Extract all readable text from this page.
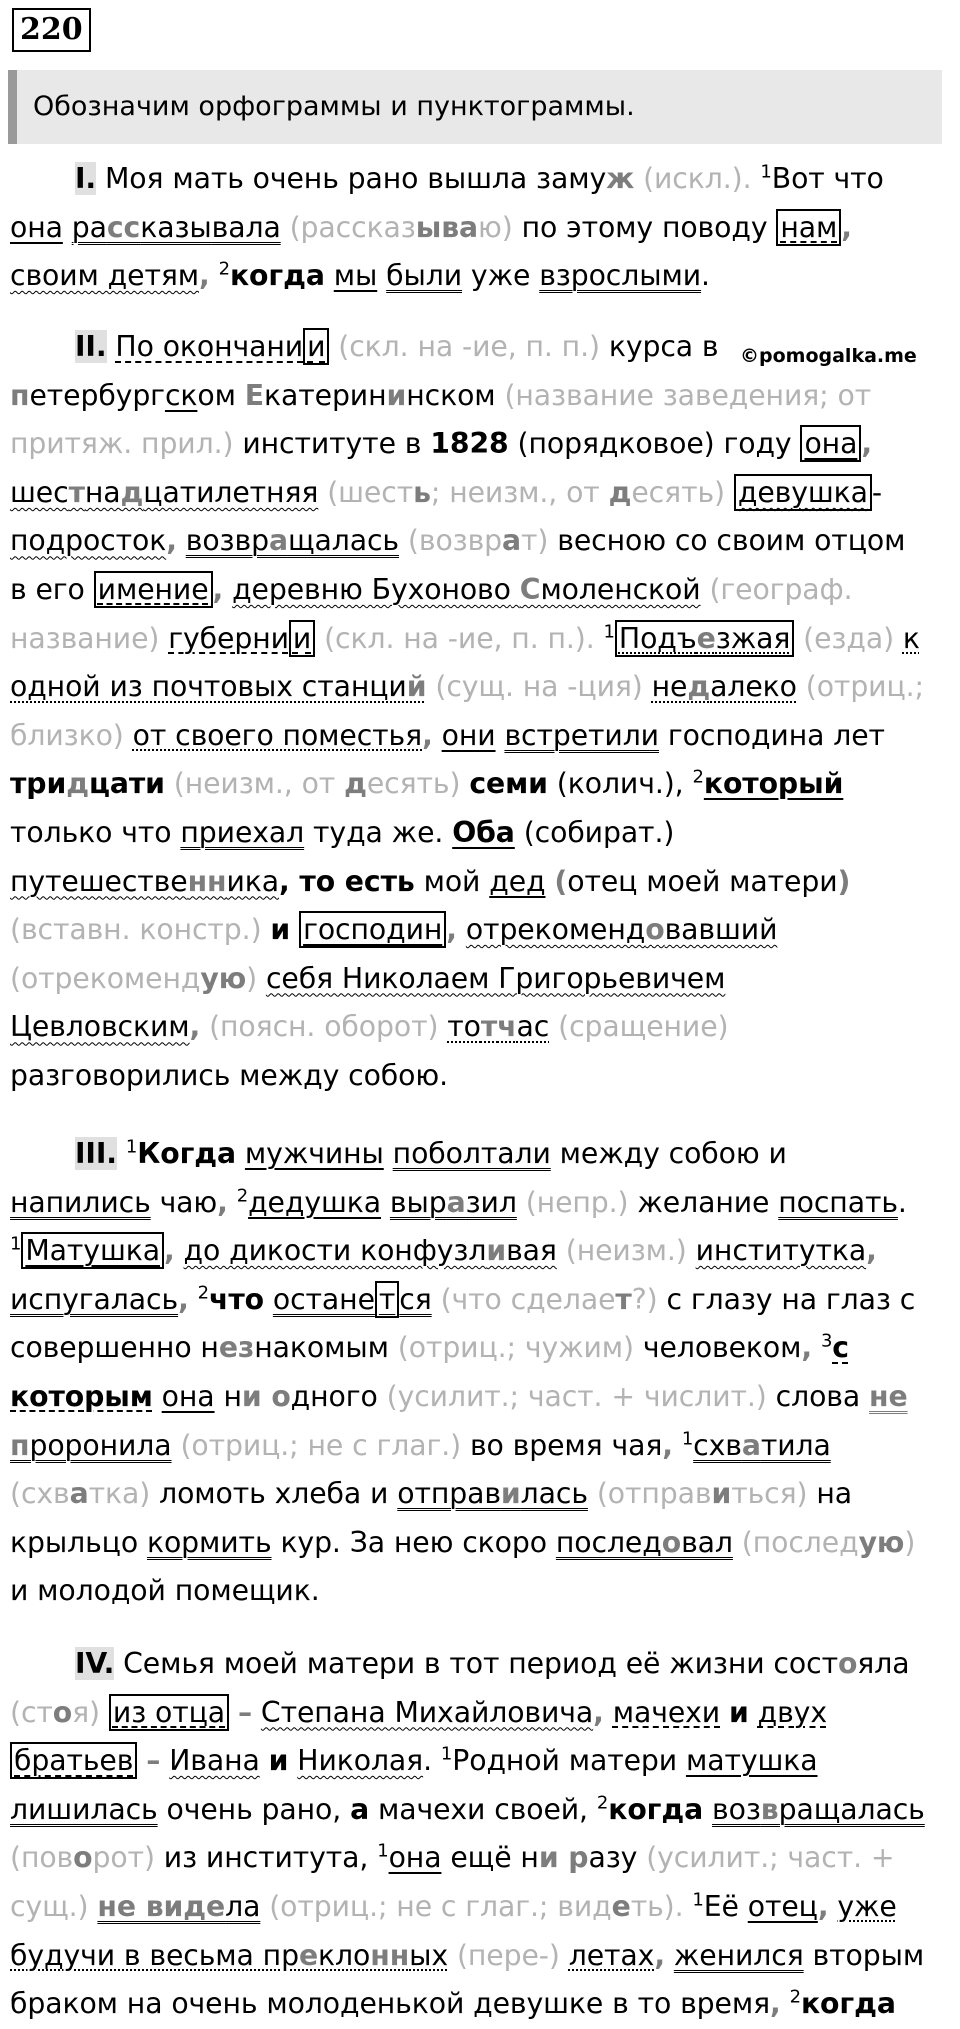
220
Обозначим орфограммы и пунктограммы.
©pomogalka.me

I. Моя мать очень рано вышла замуж (искл.). $^1$Вот что

она рассказывала (рассказываю) по этому поводу нам ,

своим детям, $^2$когда мы были уже взрослыми.

II. По окончани и (скл. на -ие, п. п.) курса в

петербургском Екатерининском (название заведения; от

притяж. прил.) институте в 1828 (порядковое) году она ,

шестнадцатилетняя (шесть; неизм., от десять) девушка -

подросток, возвращалась (возврат) весною со своим отцом

в его имение , деревню Бухоново Смоленской (географ.

название) губерни и (скл. на -ие, п. п.). $^1$ Подъезжая (езда) к

одной из почтовых станций (сущ. на -ция) недалеко (отриц.;

близко) от своего поместья, они встретили господина лет

тридцати (неизм., от десять) семи (колич.), $^2$который

только что приехал туда же. Оба (собират.)

путешественника, то есть мой дед (отец моей матери)

(вставн. констр.) и господин , отрекомендовавший

(отрекомендую) себя Николаем Григорьевичем

Цевловским, (поясн. оборот) тотчас (сращение)

разговорились между собою.

III. $^1$Когда мужчины поболтали между собою и

напились чаю, $^2$дедушка выразил (непр.) желание поспать.

$^1$ Матушка , до дикости конфузливая (неизм.) институтка,

испугалась, $^2$что остане т ся (что сделает?) с глазу на глаз с

совершенно незнакомым (отриц.; чужим) человеком, $^3$с

которым она ни одного (усилит.; част. + числит.) слова не

проронила (отриц.; не с глаг.) во время чая, $^1$схватила

(схватка) ломоть хлеба и отправилась (отправиться) на

крыльцо кормить кур. За нею скоро последовал (последую)

и молодой помещик.

IV. Семья моей матери в тот период её жизни состояла

(стоя) из отца – Степана Михайловича, мачехи и двух

братьев – Ивана и Николая. $^1$Родной матери матушка

лишилась очень рано, а мачехи своей, $^2$когда возвращалась

(поворот) из института, $^1$она ещё ни разу (усилит.; част. +

сущ.) не видела (отриц.; не с глаг.; видеть). $^1$Её отец, уже

будучи в весьма преклонных (пере-) летах, женился вторым

браком на очень молоденькой девушке в то время, $^2$когда
